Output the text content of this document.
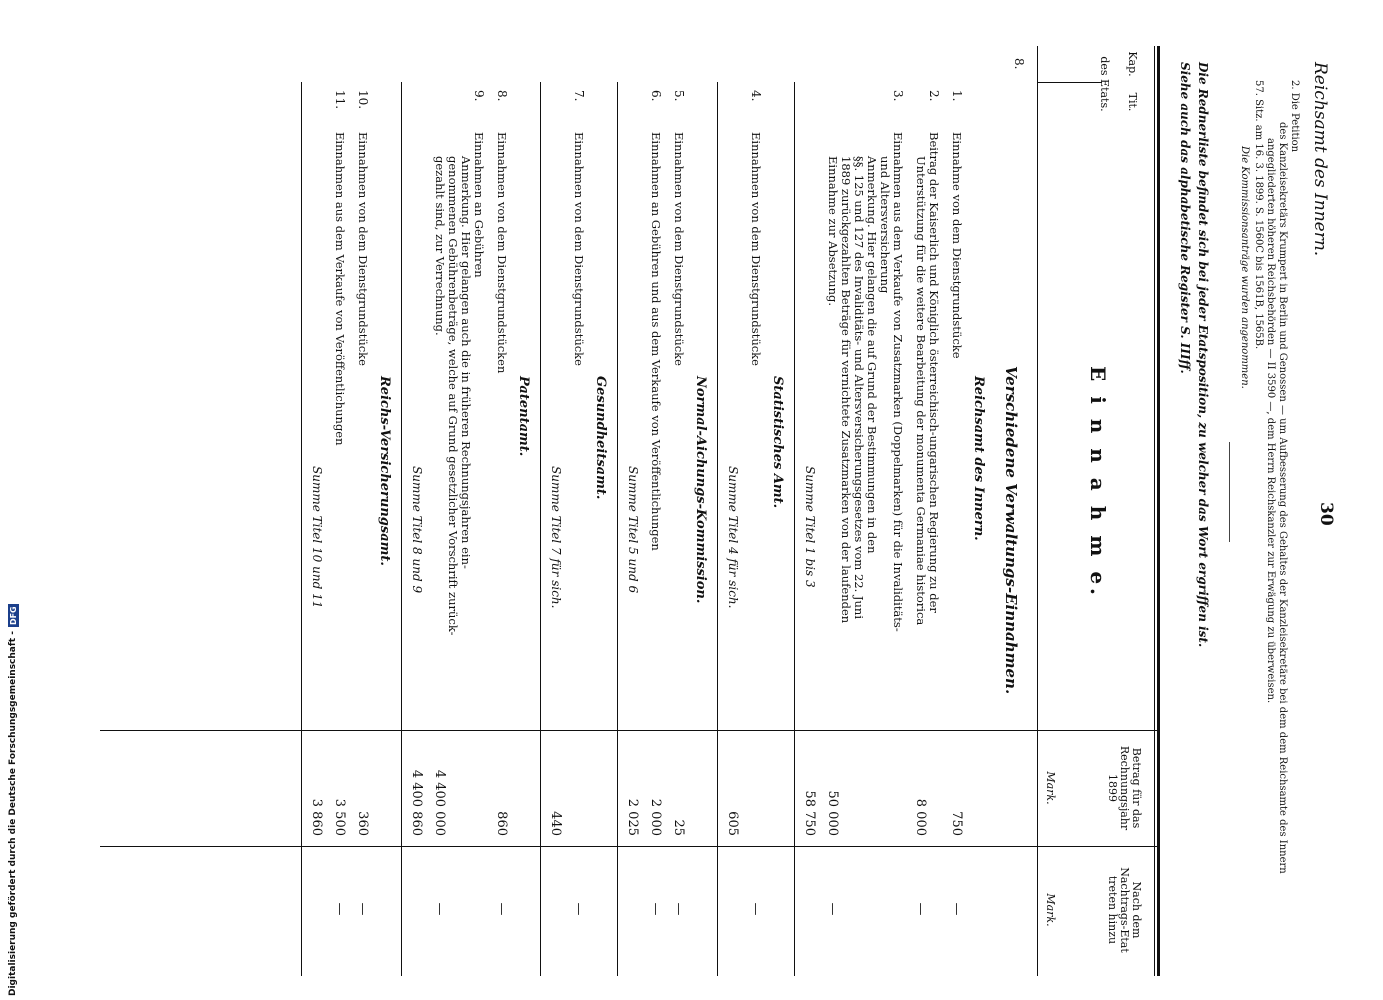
Digitalisierung gefördert durch die Deutsche Forschungsgemeinschaft -
DFG
Reichsamt des Innern.
30
2. Die Petition
des Kanzleisekretärs Krumpert in Berlin und Genossen — um Aufbesserung des Gehaltes der Kanzleisekretäre bei dem dem Reichsamte des Innern
angegliederten höheren Reichsbehörden — II 3590 —, dem Herrn Reichskanzler zur Erwägung zu überweisen.
57. Sitz. am 16. 3. 1899. S. 1560C bis 1561B, 1565B.
Die Kommissionsanträge wurden angenommen.
Die Rednerliste befindet sich bei jeder Etatsposition, zu welcher das Wort ergriffen ist.
Siehe auch das alphabetische Register S. IIIff.
Kap.
Tit.
des Etats.
Betrag für das Rechnungsjahr 1899
Nach dem Nachtrags-Etat treten hinzu
Mark.
Mark.
E i n n a h m e.
8.
Verschiedene Verwaltungs-Einnahmen.
Reichsamt des Innern.
1.
Einnahme von dem Dienstgrundstücke
750
—
2.
Beitrag der Kaiserlich und Königlich österreichisch-ungarischen Regierung zu der
Unterstützung für die weitere Bearbeitung der monumenta Germaniae historica
8 000
—
3.
Einnahmen aus dem Verkaufe von Zusatzmarken (Doppelmarken) für die Invaliditäts-
und Altersversicherung
Anmerkung. Hier gelangen die auf Grund der Bestimmungen in den
§§. 125 und 127 des Invaliditäts- und Altersversicherungsgesetzes vom 22. Juni
1889 zurückgezahlten Beträge für vernichtete Zusatzmarken von der laufenden
Einnahme zur Absetzung.
50 000
—
Summe Titel 1 bis 3
58 750
Statistisches Amt.
4.
Einnahmen von dem Dienstgrundstücke
—
Summe Titel 4 für sich.
605
Normal-Aichungs-Kommission.
5.
Einnahmen von dem Dienstgrundstücke
25
—
6.
Einnahmen an Gebühren und aus dem Verkaufe von Veröffentlichungen
2 000
—
Summe Titel 5 und 6
2 025
Gesundheitsamt.
7.
Einnahmen von dem Dienstgrundstücke
—
Summe Titel 7 für sich.
440
Patentamt.
8.
Einnahmen von dem Dienstgrundstücken
860
—
9.
Einnahmen an Gebühren
Anmerkung. Hier gelangen auch die in früheren Rechnungsjahren ein-
genommenen Gebührenbeträge, welche auf Grund gesetzlicher Vorschrift zurück-
gezahlt sind, zur Verrechnung.
4 400 000
—
Summe Titel 8 und 9
4 400 860
Reichs-Versicherungsamt.
10.
Einnahmen von dem Dienstgrundstücke
360
—
11.
Einnahmen aus dem Verkaufe von Veröffentlichungen
3 500
—
Summe Titel 10 und 11
3 860
